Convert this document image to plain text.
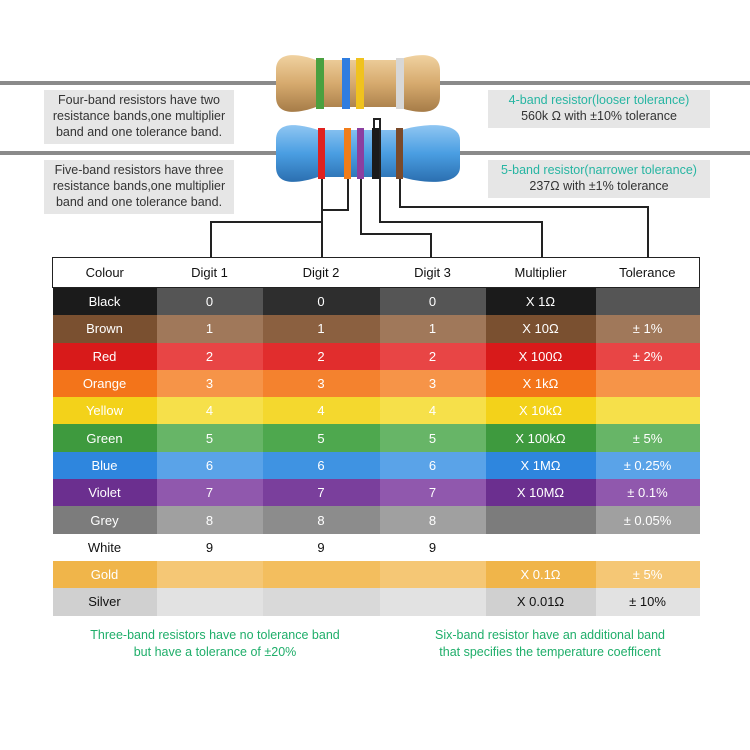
Four-band resistors have two
resistance bands,one multiplier
band and one tolerance band.
Five-band resistors have three
resistance bands,one multiplier
band and one tolerance band.
4-band resistor(looser tolerance)
560k Ω with ±10% tolerance
5-band resistor(narrower tolerance)
237Ω with ±1% tolerance
Colour	Digit 1	Digit 2	Digit 3	Multiplier	Tolerance
Black	0	0	0	X 1Ω	
Brown	1	1	1	X 10Ω	± 1%
Red	2	2	2	X 100Ω	± 2%
Orange	3	3	3	X 1kΩ	
Yellow	4	4	4	X 10kΩ	
Green	5	5	5	X 100kΩ	± 5%
Blue	6	6	6	X 1MΩ	± 0.25%
Violet	7	7	7	X 10MΩ	± 0.1%
Grey	8	8	8		± 0.05%
White	9	9	9		
Gold				X 0.1Ω	± 5%
Silver				X 0.01Ω	± 10%
Three-band resistors have no tolerance band
but have a tolerance of ±20%
Six-band resistor have an additional band
that specifies the temperature coefficent
